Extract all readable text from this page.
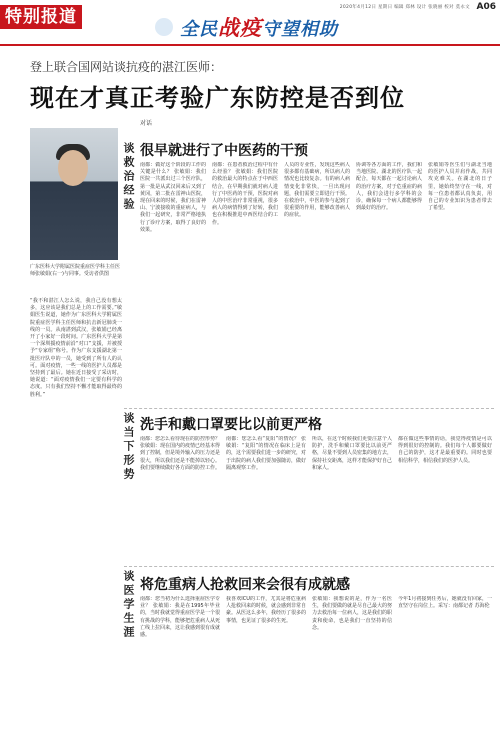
特别报道
全民战疫守望相助
2020年4月12日 星期日 编辑 郑林 设计 张晓丽 校对 莫永文 A06
登上联合国网站谈抗疫的湛江医师：
现在才真正考验广东防控是否到位
广东医科大学附属医院重症医学科主任医师张敏娟(右一)与同事。受访者供图
“我不和湛江人怎么说，我自己没有想太多，这应该是我们总是上的工作需要。”敏娟医生说道，她作为广东医科大学附属医院重症医学科主任医师和抗击新冠肺炎一线的一员。从南湛到武汉，张敏娟已经离开了小家好一段时间。广东医科大学是第一个深圳援疫情前沿“对口”支援，并被授予“专家组”称号。作为广东支援湖北第一批医疗队中的一员，她受到了所有人的认可。面对疫情，一些一线的医护人员都是坚持到了最后。她在近日接受了采访时，她说道：“面对疫情我们一定要有科学的态度。只有我们坚持不懈才能取得最终的胜利。”
对话
谈救治经验 很早就进行了中医药的干预
南都：做好这个阶段的工作的关键是什么？ 张敏娟：我们医院一共派出过三个医疗队，第一批是从武汉回来后又到了黄冈，第二批在雷神山医院，现在回来的时候，我们在雷神山、宁波接收的重症病人，与我们一起研究，非常严格地执行了诊疗方案，取得了良好的效果。
南都：在患者救治过程中有什么经验？ 张敏娟：我们医院的救治最大的特点在于中西医结合，在早期我们就对病人进行了中医药的干预，医院对病人的中医治疗非常重视，很多病人的病情得到了好转，我们也在积极推进中西医结合的工作。
人员的专业性，发现这些病人很多都有基础病，所以病人的情况也比较复杂。有的病人病情变化非常快，一旦出现问题，我们需要立即进行干预。在救治中，中医的参与起到了很重要的作用，能够改善病人的症状。
协调等各方面的工作，我们和当地医院、湖北的医疗队一起配合，每天都在一起讨论病人的治疗方案，对于危重症的病人，我们会进行多学科的会诊，确保每一个病人都能够得到最好的治疗。
张敏娟等医生们与湖北当地的医护人员并肩作战，共同攻克难关。在湖北的日子里，她始终坚守在一线，对每一位患者都认真负责，用自己的专业知识为患者带去了希望。
谈当下形势 洗手和戴口罩要比以前更严格
南都：您怎么看待现在的防控形势？ 张敏娟：现在国内的疫情已经基本得到了控制，但是境外输入的压力还是很大，所以我们还是不能掉以轻心。我们要继续做好各方面的防控工作。
南都：您怎么看“复阳”的情况？ 张敏娟：“复阳”的情况在临床上是有的，这个需要我们进一步的研究，对于出院的病人我们要加强随访，做好隔离观察工作。
所以，在这个时候我们更要注意个人防护，洗手和戴口罩要比以前更严格，尽量不要到人员密集的地方去，保持社交距离，这样才能保护好自己和家人。
都在做这些事情的话，我觉得疫情是可以得到很好的控制的。我们每个人都要做好自己的防护，这才是最重要的。同时也要相信科学，相信我们的医护人员。
谈医学生涯 将危重病人抢救回来会很有成就感
南都：您当初为什么选择重症医学专业？ 张敏娟：我是在1995年毕业的，当时我就觉得重症医学是一个很有挑战的学科，能够把危重病人从死亡线上拉回来，这让我感到很有成就感。
我喜欢ICU的工作，尤其是将危重病人抢救回来的时候，就会感到非常自豪。从医这么多年，我经历了很多的事情，也见证了很多的生死。
张敏娟：我想说的是，作为一名医生，我们要做的就是尽自己最大的努力去救治每一位病人，这是我们的职责和使命，也是我们一直坚持的信念。
今年1月初接到任务后，她就没有回家，一直坚守在岗位上。采写：南都记者 苏海伦
